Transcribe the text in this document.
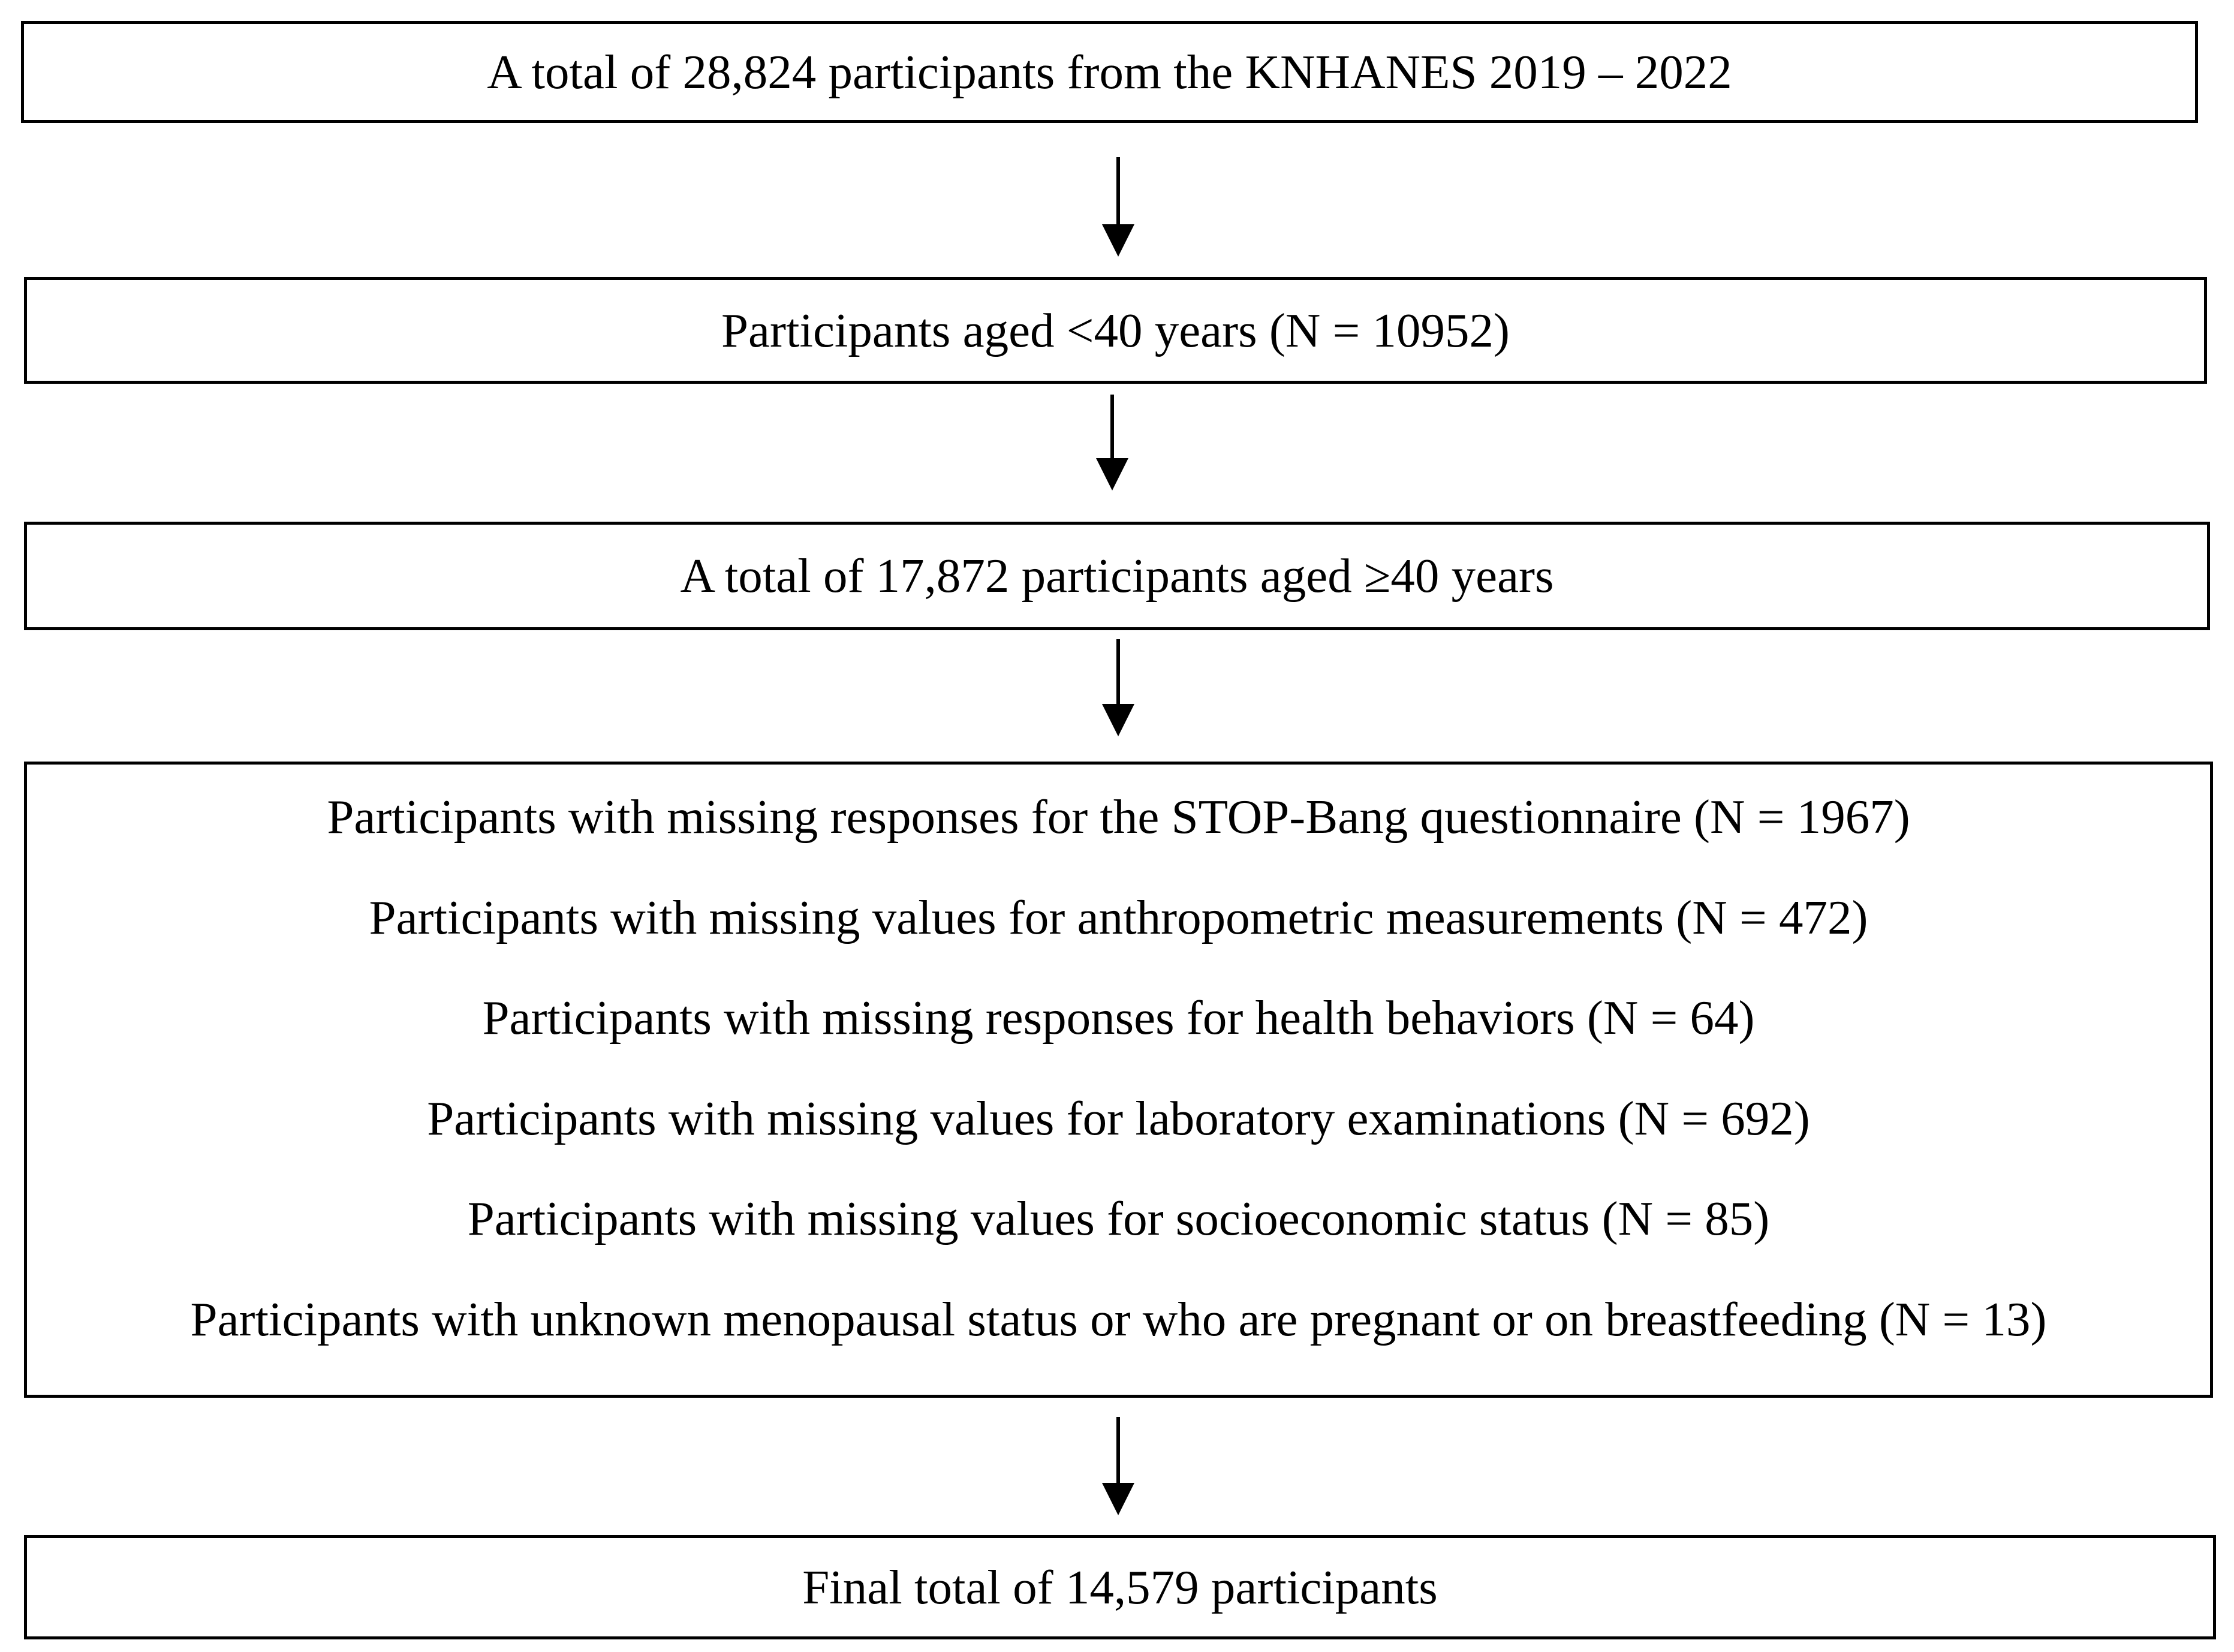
A total of 28,824 participants from the KNHANES 2019 – 2022
Participants aged <40 years (N = 10952)
A total of 17,872 participants aged ≥40 years
Participants with missing responses for the STOP-Bang questionnaire (N = 1967)
Participants with missing values for anthropometric measurements (N = 472)
Participants with missing responses for health behaviors (N = 64)
Participants with missing values for laboratory examinations (N = 692)
Participants with missing values for socioeconomic status (N = 85)
Participants with unknown menopausal status or who are pregnant or on breastfeeding (N = 13)
Final total of 14,579 participants
